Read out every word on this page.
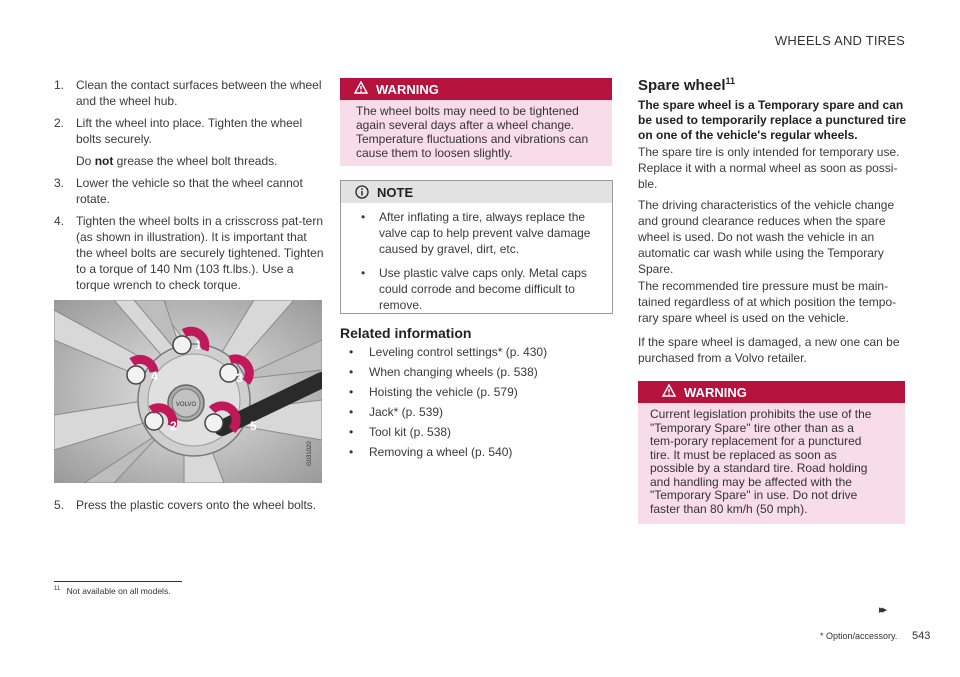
WHEELS AND TIRES
1. Clean the contact surfaces between the wheel and the wheel hub.
2. Lift the wheel into place. Tighten the wheel bolts securely.
Do not grease the wheel bolt threads.
3. Lower the vehicle so that the wheel cannot rotate.
4. Tighten the wheel bolts in a crisscross pat-tern (as shown in illustration). It is important that the wheel bolts are securely tightened. Tighten to a torque of 140 Nm (103 ft.lbs.). Use a torque wrench to check torque.
VOLVO
1
2
3
4
5
G031020
5. Press the plastic covers onto the wheel bolts.
WARNING
The wheel bolts may need to be tightened again several days after a wheel change. Temperature fluctuations and vibrations can cause them to loosen slightly.
NOTE
• After inflating a tire, always replace the valve cap to help prevent valve damage caused by gravel, dirt, etc.
• Use plastic valve caps only. Metal caps could corrode and become difficult to remove.
Related information
• Leveling control settings* (p. 430)
• When changing wheels (p. 538)
• Hoisting the vehicle (p. 579)
• Jack* (p. 539)
• Tool kit (p. 538)
• Removing a wheel (p. 540)
Spare wheel$^{11}$
The spare wheel is a Temporary spare and can be used to temporarily replace a punctured tire on one of the vehicle's regular wheels.
The spare tire is only intended for temporary use. Replace it with a normal wheel as soon as possi-ble.
The driving characteristics of the vehicle change and ground clearance reduces when the spare wheel is used. Do not wash the vehicle in an automatic car wash while using the Temporary Spare.
The recommended tire pressure must be main-tained regardless of at which position the tempo-rary spare wheel is used on the vehicle.
If the spare wheel is damaged, a new one can be purchased from a Volvo retailer.
WARNING
Current legislation prohibits the use of the "Temporary Spare" tire other than as a tem-porary replacement for a punctured tire. It must be replaced as soon as possible by a standard tire. Road holding and handling may be affected with the "Temporary Spare" in use. Do not drive faster than 80 km/h (50 mph).
$^{11}$ Not available on all models.
▸▸
* Option/accessory. 543
